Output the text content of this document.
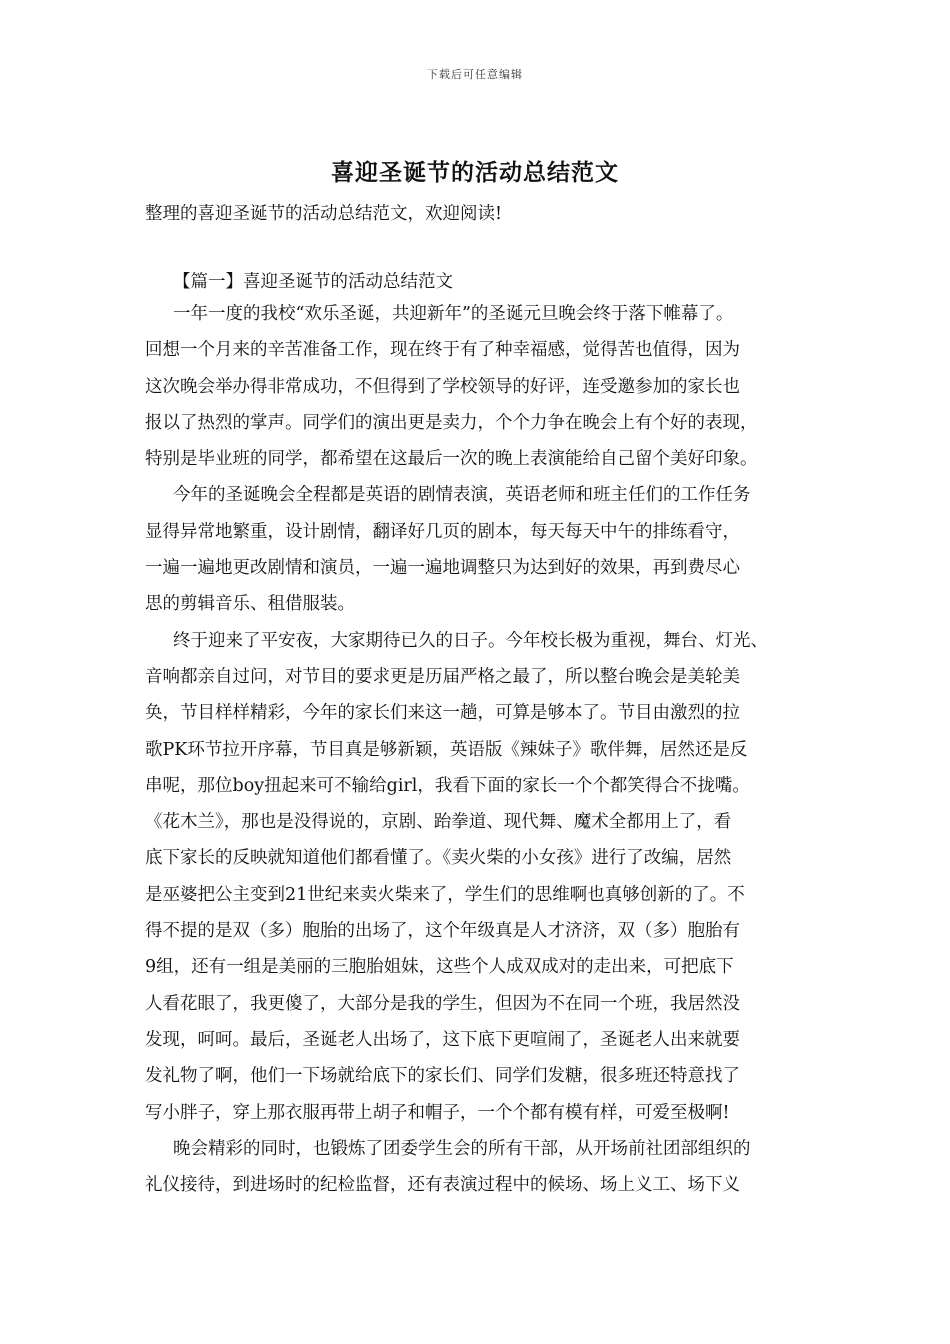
下载后可任意编辑
喜迎圣诞节的活动总结范文
整理的喜迎圣诞节的活动总结范文，欢迎阅读!
【篇一】喜迎圣诞节的活动总结范文
一年一度的我校“欢乐圣诞，共迎新年”的圣诞元旦晚会终于落下帷幕了。
回想一个月来的辛苦准备工作，现在终于有了种幸福感，觉得苦也值得，因为
这次晚会举办得非常成功，不但得到了学校领导的好评，连受邀参加的家长也
报以了热烈的掌声。同学们的演出更是卖力，个个力争在晚会上有个好的表现，
特别是毕业班的同学，都希望在这最后一次的晚上表演能给自己留个美好印象。
今年的圣诞晚会全程都是英语的剧情表演，英语老师和班主任们的工作任务
显得异常地繁重，设计剧情，翻译好几页的剧本，每天每天中午的排练看守，
一遍一遍地更改剧情和演员，一遍一遍地调整只为达到好的效果，再到费尽心
思的剪辑音乐、租借服装。
终于迎来了平安夜，大家期待已久的日子。今年校长极为重视，舞台、灯光、
音响都亲自过问，对节目的要求更是历届严格之最了，所以整台晚会是美轮美
奂，节目样样精彩，今年的家长们来这一趟，可算是够本了。节目由激烈的拉
歌PK环节拉开序幕，节目真是够新颖，英语版《辣妹子》歌伴舞，居然还是反
串呢，那位boy扭起来可不输给girl，我看下面的家长一个个都笑得合不拢嘴。
《花木兰》，那也是没得说的，京剧、跆拳道、现代舞、魔术全都用上了，看
底下家长的反映就知道他们都看懂了。《卖火柴的小女孩》进行了改编，居然
是巫婆把公主变到21世纪来卖火柴来了，学生们的思维啊也真够创新的了。不
得不提的是双（多）胞胎的出场了，这个年级真是人才济济，双（多）胞胎有
9组，还有一组是美丽的三胞胎姐妹，这些个人成双成对的走出来，可把底下
人看花眼了，我更傻了，大部分是我的学生，但因为不在同一个班，我居然没
发现，呵呵。最后，圣诞老人出场了，这下底下更喧闹了，圣诞老人出来就要
发礼物了啊，他们一下场就给底下的家长们、同学们发糖，很多班还特意找了
写小胖子，穿上那衣服再带上胡子和帽子，一个个都有模有样，可爱至极啊!
晚会精彩的同时，也锻炼了团委学生会的所有干部，从开场前社团部组织的
礼仪接待，到进场时的纪检监督，还有表演过程中的候场、场上义工、场下义
